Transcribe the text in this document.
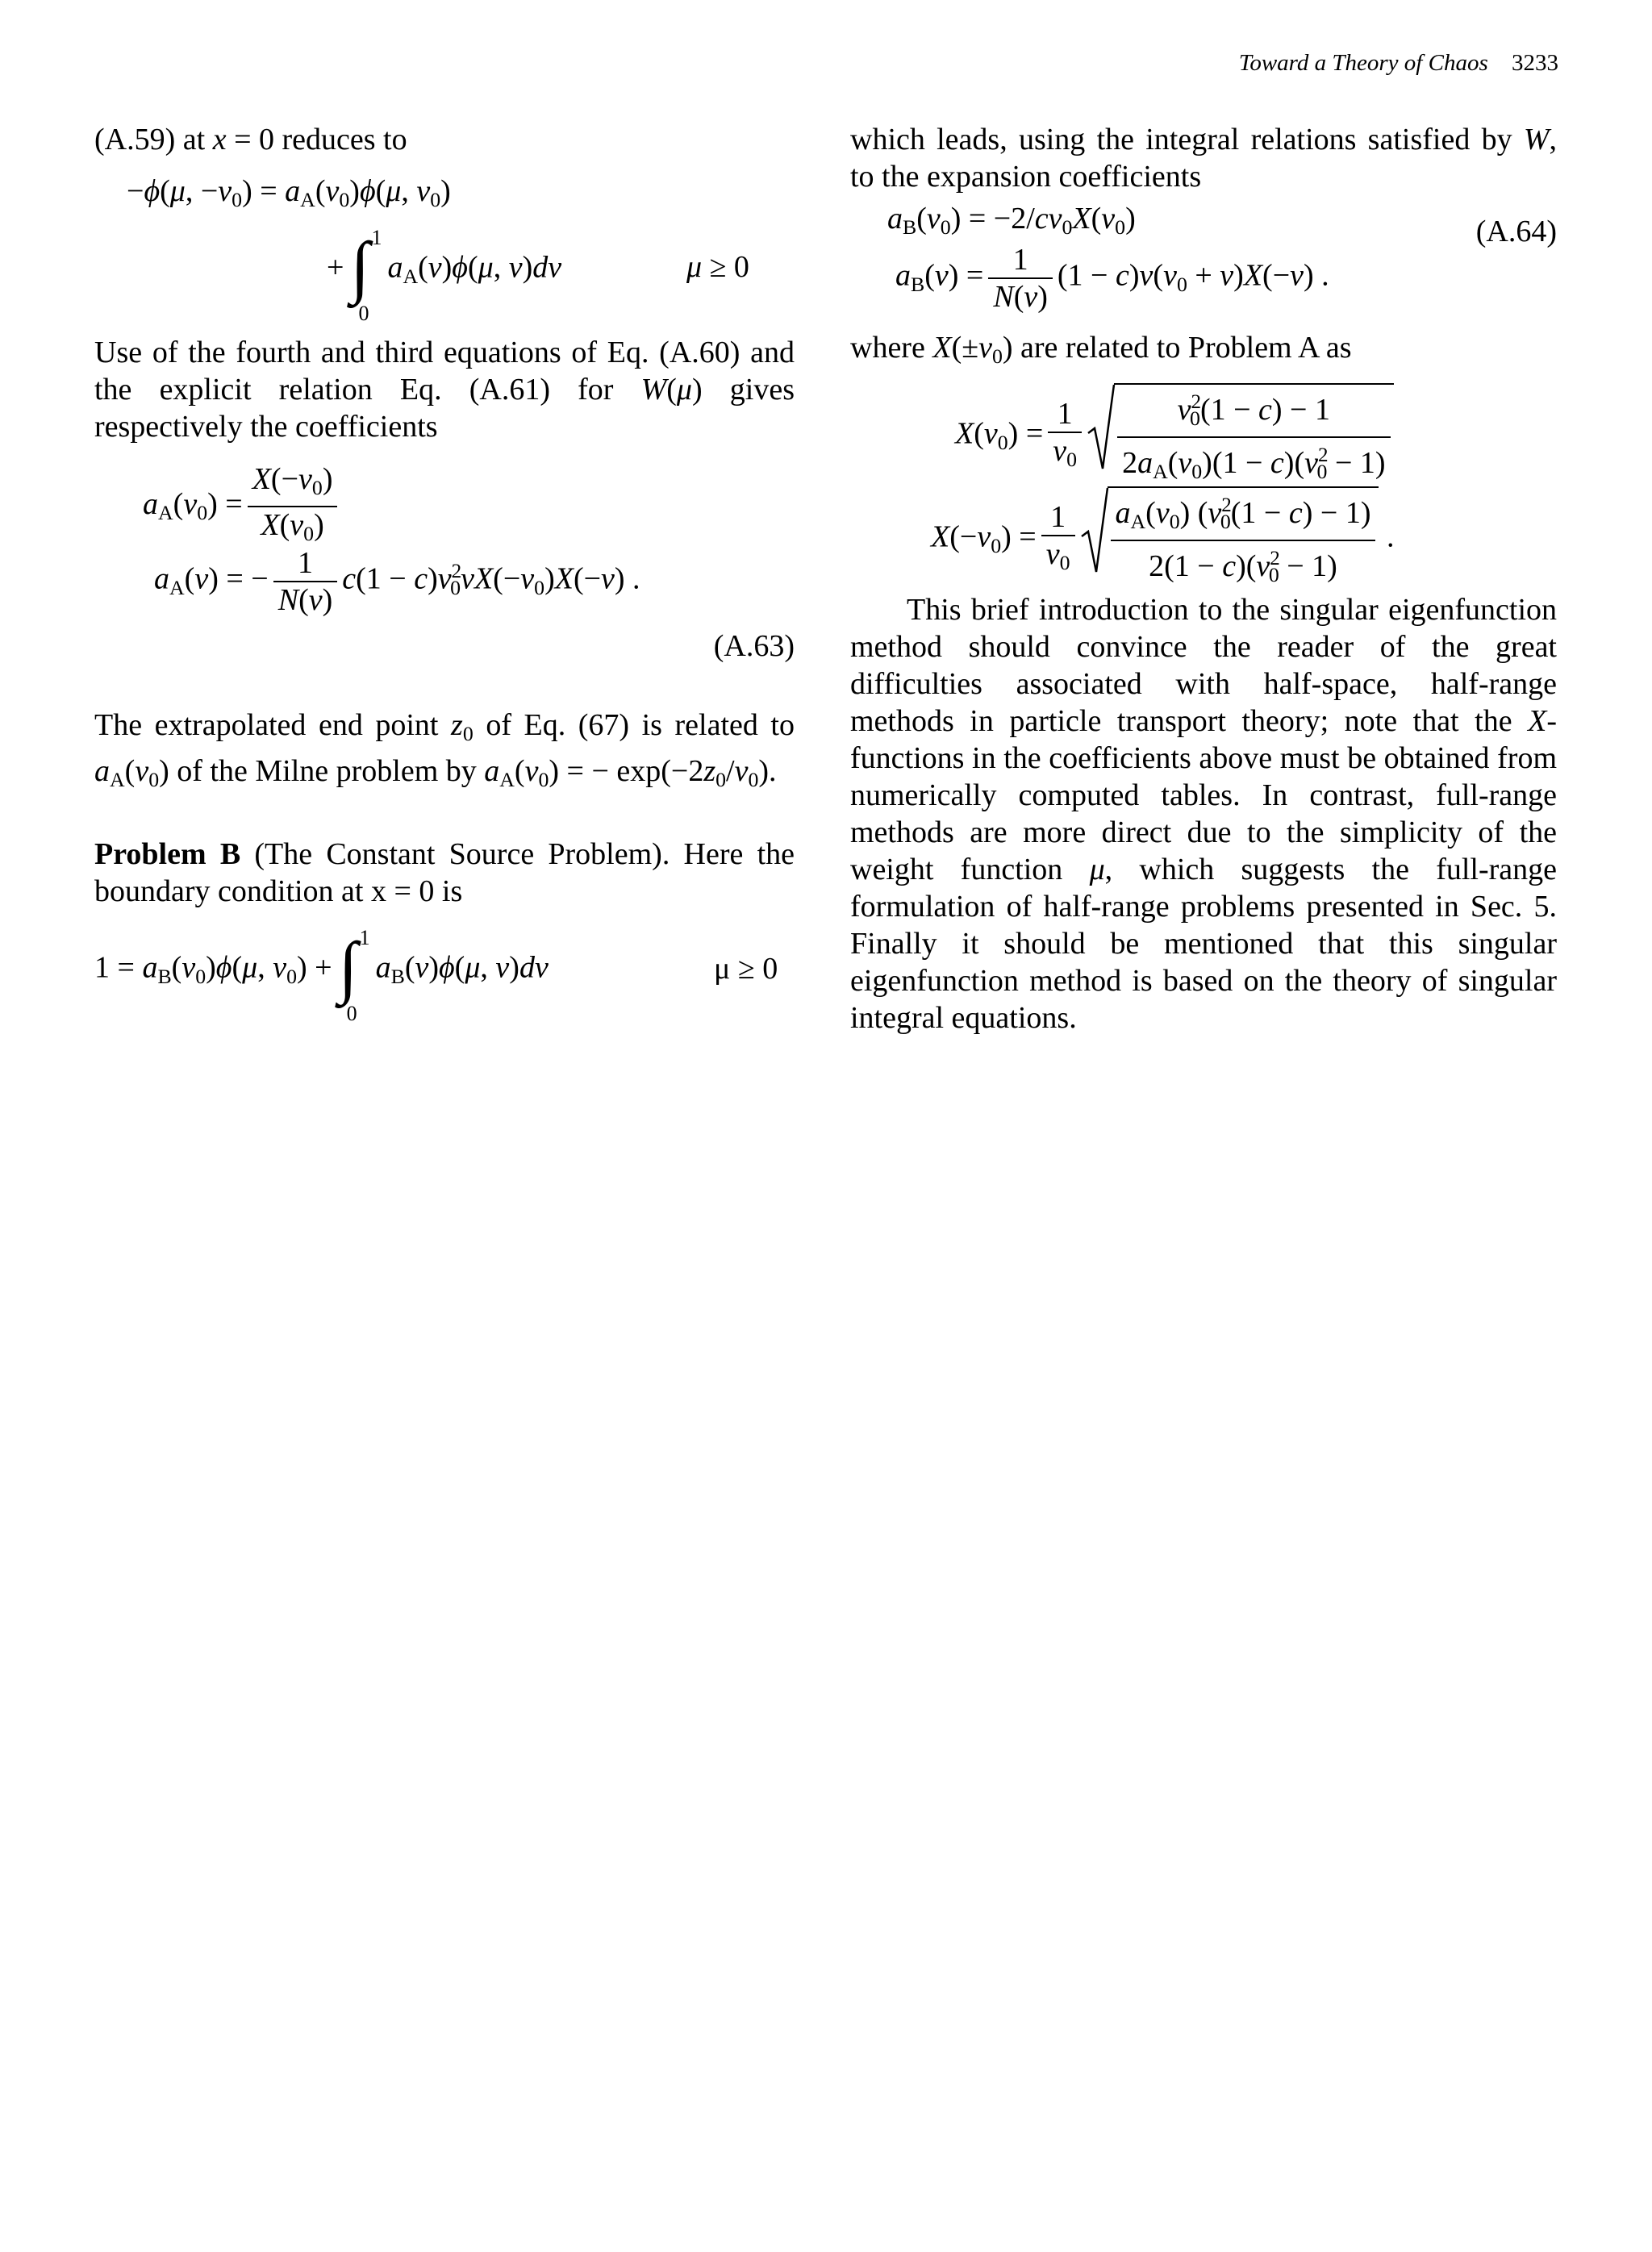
Toward a Theory of Chaos 3233

(A.59) at x = 0 reduces to

−ϕ(μ, $-\nu_0) = a_A(\nu_0)\phi(\mu$, $\nu_0$)
+ ∫ 1
0
$a_A(\nu)\phi(\mu$, ν)dν	μ ≥ 0

Use of the fourth and third equations of Eq. (A.60) and the explicit relation Eq. (A.61) for W(μ) gives respectively the coefficients

$a_A(\nu_0) = \frac{X(-\nu_0)}{X(v_0)}$
$a_A(\nu)$ = − $\frac{1}{N(\nu)} c(1 - c)\nu^2_0\nu X(-\nu_0)X(-\nu)$ .
(A.63)

The extrapolated end point $z_0$ of Eq. (67) is related to $a_A(\nu_0)$ of the Milne problem by $a_A(\nu_0)$ = − $\exp(-2z_0/\nu_0)$.

Problem B (The Constant Source Problem). Here the boundary condition at x = 0 is

$1 = a_B(\nu_0)\phi(\mu$, $\nu_0$) + ∫ 1
0
$a_B(\nu)\phi(\mu$, ν)dν	μ ≥ 0

which leads, using the integral relations satisfied by W, to the expansion coefficients

$a_B(\nu_0) = -2/c\nu_0X(v_0)$
$a_B(\nu) = \frac{1}{N(\nu)} (1 - c)\nu(\nu_0 + \nu)X(-\nu)$ .
(A.64)

where $X(\pm\nu_0)$ are related to Problem A as

$X(\nu_0) = \frac{1}{\nu_0} \frac{\nu^2_0(1 - c) - 1}{2a_A(\nu_0)(1 - c)(\nu^2_0 - 1)}$
$X(-\nu_0) = \frac{1}{\nu_0} \frac{a_A(\nu_0) (\nu^2_0(1 - c) - 1)}{2(1 - c)(\nu^2_0 - 1)}$ .

This brief introduction to the singular eigenfunction method should convince the reader of the great difficulties associated with half-space, half-range methods in particle transport theory; note that the X-functions in the coefficients above must be obtained from numerically computed tables. In contrast, full-range methods are more direct due to the simplicity of the weight function μ, which suggests the full-range formulation of half-range problems presented in Sec. 5. Finally it should be mentioned that this singular eigenfunction method is based on the theory of singular integral equations.
